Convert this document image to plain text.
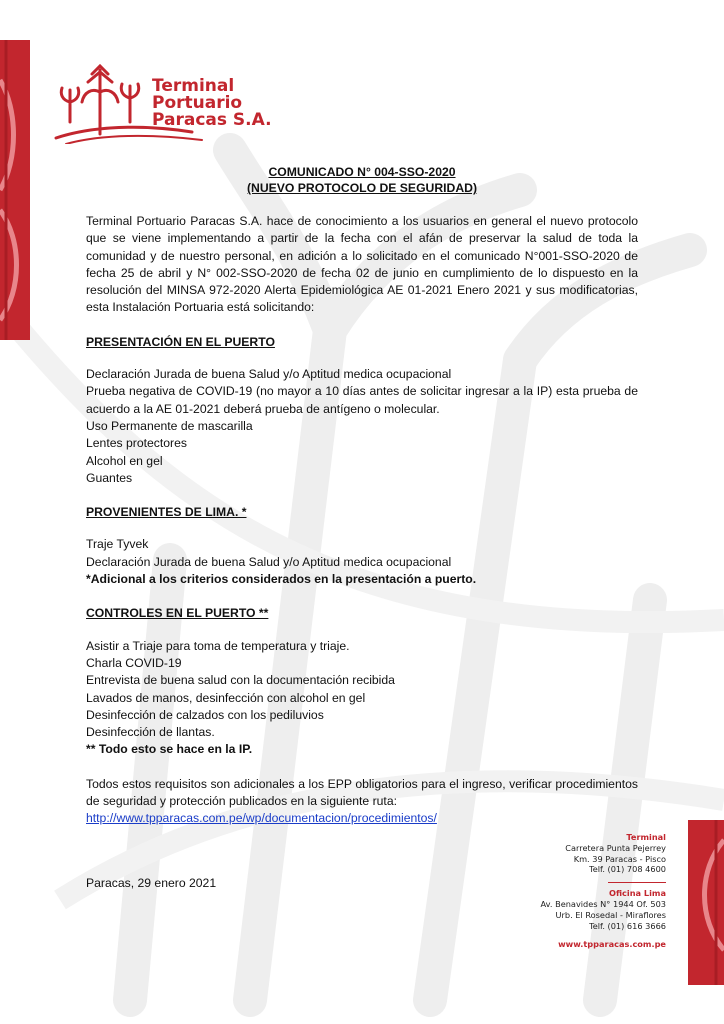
Terminal
Portuario
Paracas S.A.
COMUNICADO N° 004-SSO-2020
(NUEVO PROTOCOLO DE SEGURIDAD)
Terminal Portuario Paracas S.A. hace de conocimiento a los usuarios en general el nuevo protocolo que se viene implementando a partir de la fecha con el afán de preservar la salud de toda la comunidad y de nuestro personal, en adición a lo solicitado en el comunicado N°001-SSO-2020 de fecha 25 de abril y N° 002-SSO-2020 de fecha 02 de junio en cumplimiento de lo dispuesto en la resolución del MINSA 972-2020 Alerta Epidemiológica AE 01-2021 Enero 2021 y sus modificatorias, esta Instalación Portuaria está solicitando:
PRESENTACIÓN EN EL PUERTO
Declaración Jurada de buena Salud y/o Aptitud medica ocupacional
Prueba negativa de COVID-19 (no mayor a 10 días antes de solicitar ingresar a la IP) esta prueba de acuerdo a la AE 01-2021 deberá prueba de antígeno o molecular.
Uso Permanente de mascarilla
Lentes protectores
Alcohol en gel
Guantes
PROVENIENTES DE LIMA. *
Traje Tyvek
Declaración Jurada de buena Salud y/o Aptitud medica ocupacional
*Adicional a los criterios considerados en la presentación a puerto.
CONTROLES EN EL PUERTO **
Asistir a Triaje para toma de temperatura y triaje.
Charla COVID-19
Entrevista de buena salud con la documentación recibida
Lavados de manos, desinfección con alcohol en gel
Desinfección de calzados con los pediluvios
Desinfección de llantas.
** Todo esto se hace en la IP.
Todos estos requisitos son adicionales a los EPP obligatorios para el ingreso, verificar procedimientos de seguridad y protección publicados en la siguiente ruta:
http://www.tpparacas.com.pe/wp/documentacion/procedimientos/
Paracas, 29 enero 2021
Terminal
Carretera Punta Pejerrey
Km. 39 Paracas - Pisco
Telf. (01) 708 4600
Oficina Lima
Av. Benavides N° 1944 Of. 503
Urb. El Rosedal - Miraflores
Telf. (01) 616 3666
www.tpparacas.com.pe
